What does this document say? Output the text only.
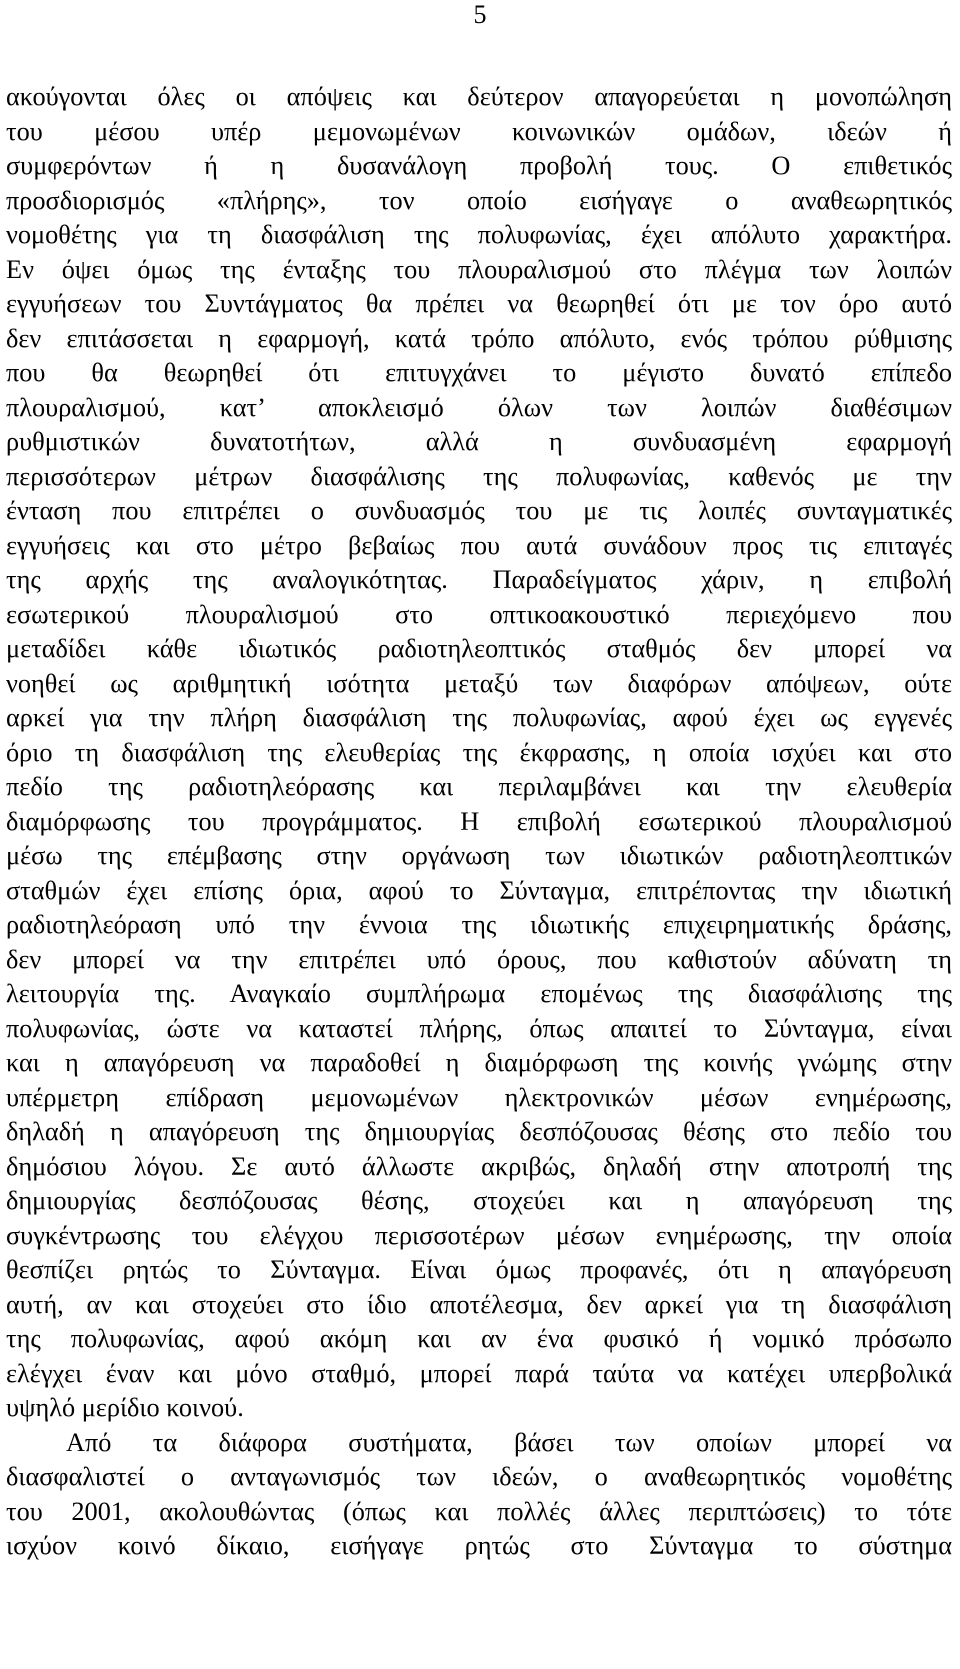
5
ακούγονται όλες οι απόψεις και δεύτερον απαγορεύεται η μονοπώληση
του μέσου υπέρ μεμονωμένων κοινωνικών ομάδων, ιδεών ή
συμφερόντων ή η δυσανάλογη προβολή τους. Ο επιθετικός
προσδιορισμός «πλήρης», τον οποίο εισήγαγε ο αναθεωρητικός
νομοθέτης για τη διασφάλιση της πολυφωνίας, έχει απόλυτο χαρακτήρα.
Εν όψει όμως της ένταξης του πλουραλισμού στο πλέγμα των λοιπών
εγγυήσεων του Συντάγματος θα πρέπει να θεωρηθεί ότι με τον όρο αυτό
δεν επιτάσσεται η εφαρμογή, κατά τρόπο απόλυτο, ενός τρόπου ρύθμισης
που θα θεωρηθεί ότι επιτυγχάνει το μέγιστο δυνατό επίπεδο
πλουραλισμού, κατ’ αποκλεισμό όλων των λοιπών διαθέσιμων
ρυθμιστικών δυνατοτήτων, αλλά η συνδυασμένη εφαρμογή
περισσότερων μέτρων διασφάλισης της πολυφωνίας, καθενός με την
ένταση που επιτρέπει ο συνδυασμός του με τις λοιπές συνταγματικές
εγγυήσεις και στο μέτρο βεβαίως που αυτά συνάδουν προς τις επιταγές
της αρχής της αναλογικότητας. Παραδείγματος χάριν, η επιβολή
εσωτερικού πλουραλισμού στο οπτικοακουστικό περιεχόμενο που
μεταδίδει κάθε ιδιωτικός ραδιοτηλεοπτικός σταθμός δεν μπορεί να
νοηθεί ως αριθμητική ισότητα μεταξύ των διαφόρων απόψεων, ούτε
αρκεί για την πλήρη διασφάλιση της πολυφωνίας, αφού έχει ως εγγενές
όριο τη διασφάλιση της ελευθερίας της έκφρασης, η οποία ισχύει και στο
πεδίο της ραδιοτηλεόρασης και περιλαμβάνει και την ελευθερία
διαμόρφωσης του προγράμματος. Η επιβολή εσωτερικού πλουραλισμού
μέσω της επέμβασης στην οργάνωση των ιδιωτικών ραδιοτηλεοπτικών
σταθμών έχει επίσης όρια, αφού το Σύνταγμα, επιτρέποντας την ιδιωτική
ραδιοτηλεόραση υπό την έννοια της ιδιωτικής επιχειρηματικής δράσης,
δεν μπορεί να την επιτρέπει υπό όρους, που καθιστούν αδύνατη τη
λειτουργία της. Αναγκαίο συμπλήρωμα επομένως της διασφάλισης της
πολυφωνίας, ώστε να καταστεί πλήρης, όπως απαιτεί το Σύνταγμα, είναι
και η απαγόρευση να παραδοθεί η διαμόρφωση της κοινής γνώμης στην
υπέρμετρη επίδραση μεμονωμένων ηλεκτρονικών μέσων ενημέρωσης,
δηλαδή η απαγόρευση της δημιουργίας δεσπόζουσας θέσης στο πεδίο του
δημόσιου λόγου. Σε αυτό άλλωστε ακριβώς, δηλαδή στην αποτροπή της
δημιουργίας δεσπόζουσας θέσης, στοχεύει και η απαγόρευση της
συγκέντρωσης του ελέγχου περισσοτέρων μέσων ενημέρωσης, την οποία
θεσπίζει ρητώς το Σύνταγμα. Είναι όμως προφανές, ότι η απαγόρευση
αυτή, αν και στοχεύει στο ίδιο αποτέλεσμα, δεν αρκεί για τη διασφάλιση
της πολυφωνίας, αφού ακόμη και αν ένα φυσικό ή νομικό πρόσωπο
ελέγχει έναν και μόνο σταθμό, μπορεί παρά ταύτα να κατέχει υπερβολικά
υψηλό μερίδιο κοινού.
Από τα διάφορα συστήματα, βάσει των οποίων μπορεί να
διασφαλιστεί ο ανταγωνισμός των ιδεών, ο αναθεωρητικός νομοθέτης
του 2001, ακολουθώντας (όπως και πολλές άλλες περιπτώσεις) το τότε
ισχύον κοινό δίκαιο, εισήγαγε ρητώς στο Σύνταγμα το σύστημα
